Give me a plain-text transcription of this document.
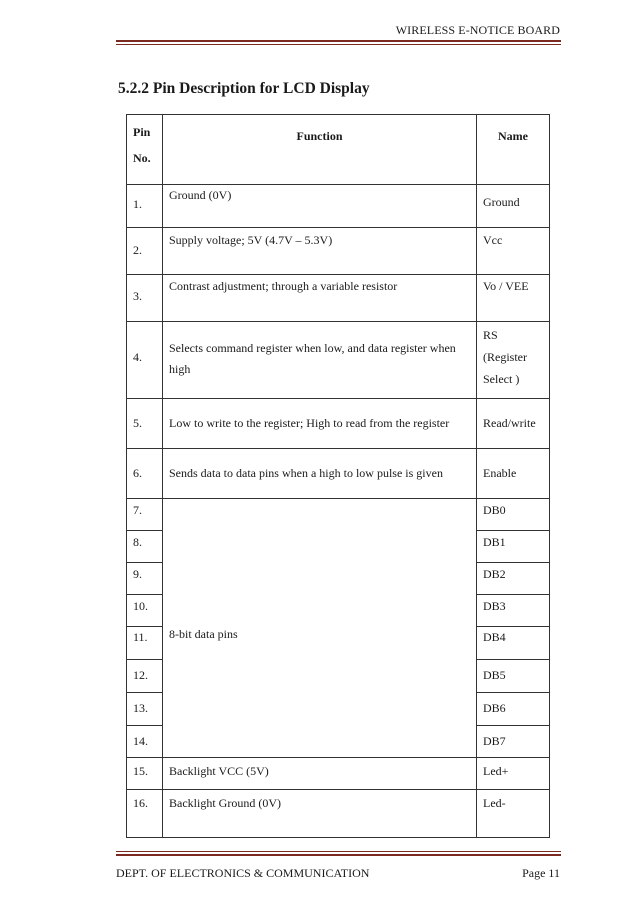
WIRELESS E-NOTICE BOARD
5.2.2 Pin Description for LCD Display
Pin
No.	Function	Name
1.	Ground (0V)	Ground
2.	Supply voltage; 5V (4.7V – 5.3V)	Vcc
3.	Contrast adjustment; through a variable resistor	Vo / VEE
4.	Selects command register when low, and data register when high	RS
(Register
Select )
5.	Low to write to the register; High to read from the register	Read/write
6.	Sends data to data pins when a high to low pulse is given	Enable
7.	8-bit data pins	DB0
8.		DB1
9.		DB2
10.		DB3
11.		DB4
12.		DB5
13.		DB6
14.		DB7
15.	Backlight VCC (5V)	Led+
16.	Backlight Ground (0V)	Led-
DEPT. OF ELECTRONICS & COMMUNICATION	Page 11
